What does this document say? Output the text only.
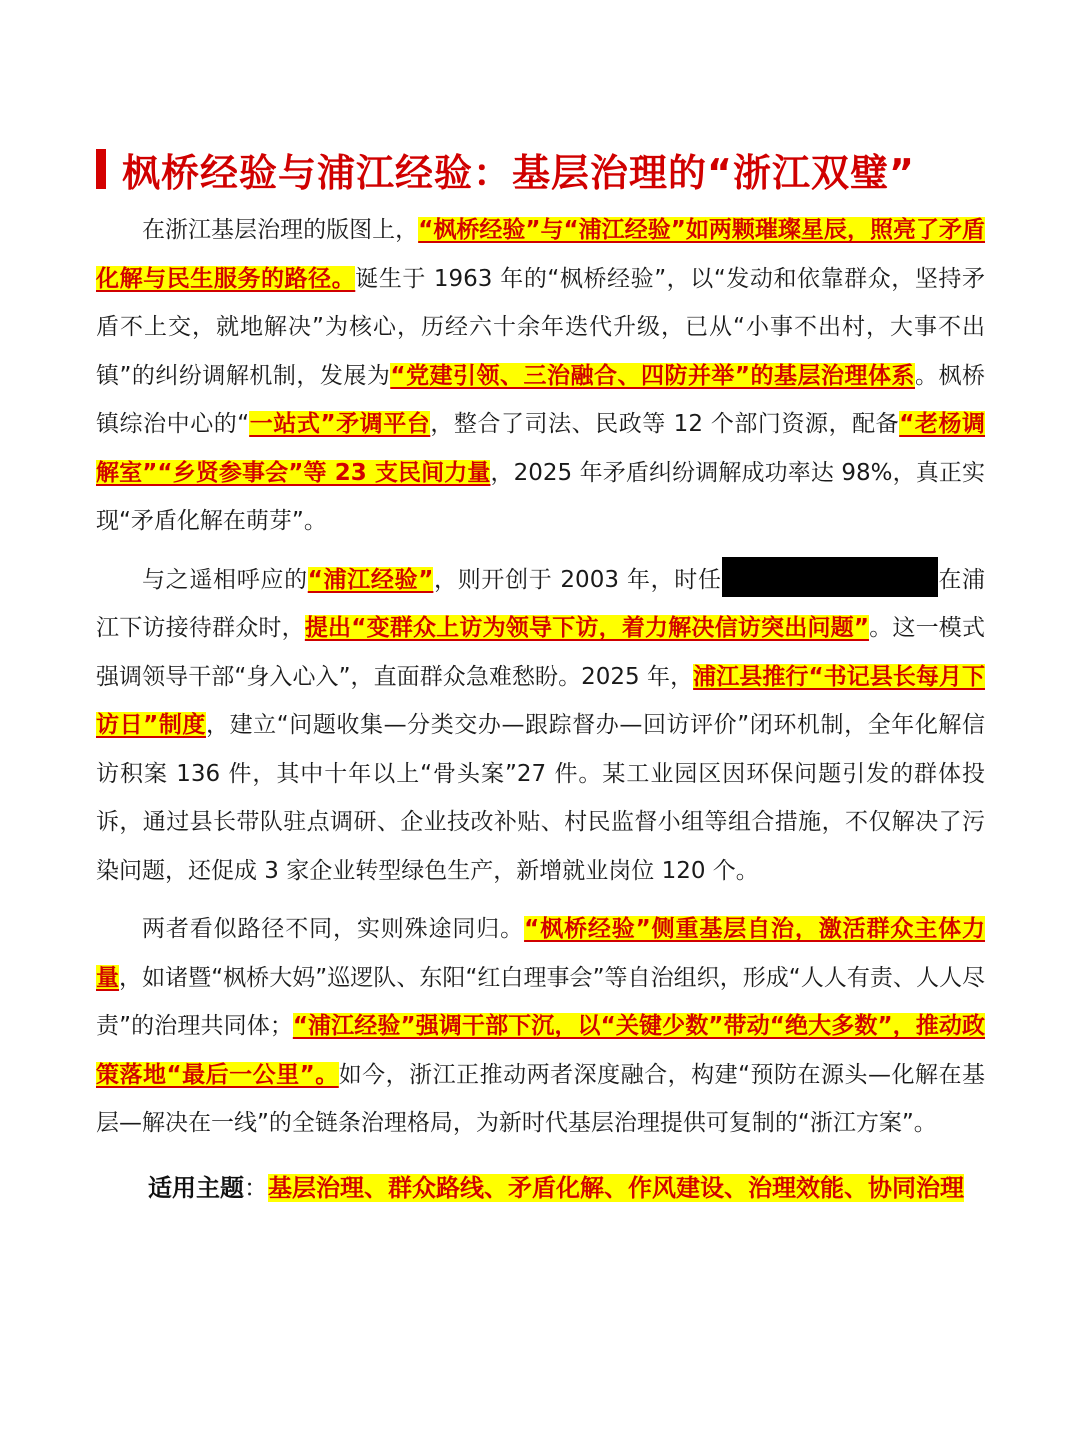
枫桥经验与浦江经验：基层治理的“浙江双璧”

在浙江基层治理的版图上，“枫桥经验”与“浦江经验”如两颗璀璨星辰，照亮了矛盾化解与民生服务的路径。诞生于 1963 年的“枫桥经验”，以“发动和依靠群众，坚持矛盾不上交，就地解决”为核心，历经六十余年迭代升级，已从“小事不出村，大事不出镇”的纠纷调解机制，发展为“党建引领、三治融合、四防并举”的基层治理体系。枫桥镇综治中心的“一站式”矛调平台，整合了司法、民政等 12 个部门资源，配备“老杨调解室”“乡贤参事会”等 23 支民间力量，2025 年矛盾纠纷调解成功率达 98%，真正实现“矛盾化解在萌芽”。

与之遥相呼应的“浦江经验”，则开创于 2003 年，时任	在浦江下访接待群众时，提出“变群众上访为领导下访，着力解决信访突出问题”。这一模式强调领导干部“身入心入”，直面群众急难愁盼。2025 年，浦江县推行“书记县长每月下访日”制度，建立“问题收集—分类交办—跟踪督办—回访评价”闭环机制，全年化解信访积案 136 件，其中十年以上“骨头案”27 件。某工业园区因环保问题引发的群体投诉，通过县长带队驻点调研、企业技改补贴、村民监督小组等组合措施，不仅解决了污染问题，还促成 3 家企业转型绿色生产，新增就业岗位 120 个。

两者看似路径不同，实则殊途同归。“枫桥经验”侧重基层自治，激活群众主体力量，如诸暨“枫桥大妈”巡逻队、东阳“红白理事会”等自治组织，形成“人人有责、人人尽责”的治理共同体；“浦江经验”强调干部下沉，以“关键少数”带动“绝大多数”，推动政策落地“最后一公里”。如今，浙江正推动两者深度融合，构建“预防在源头—化解在基层—解决在一线”的全链条治理格局，为新时代基层治理提供可复制的“浙江方案”。

适用主题：基层治理、群众路线、矛盾化解、作风建设、治理效能、协同治理
